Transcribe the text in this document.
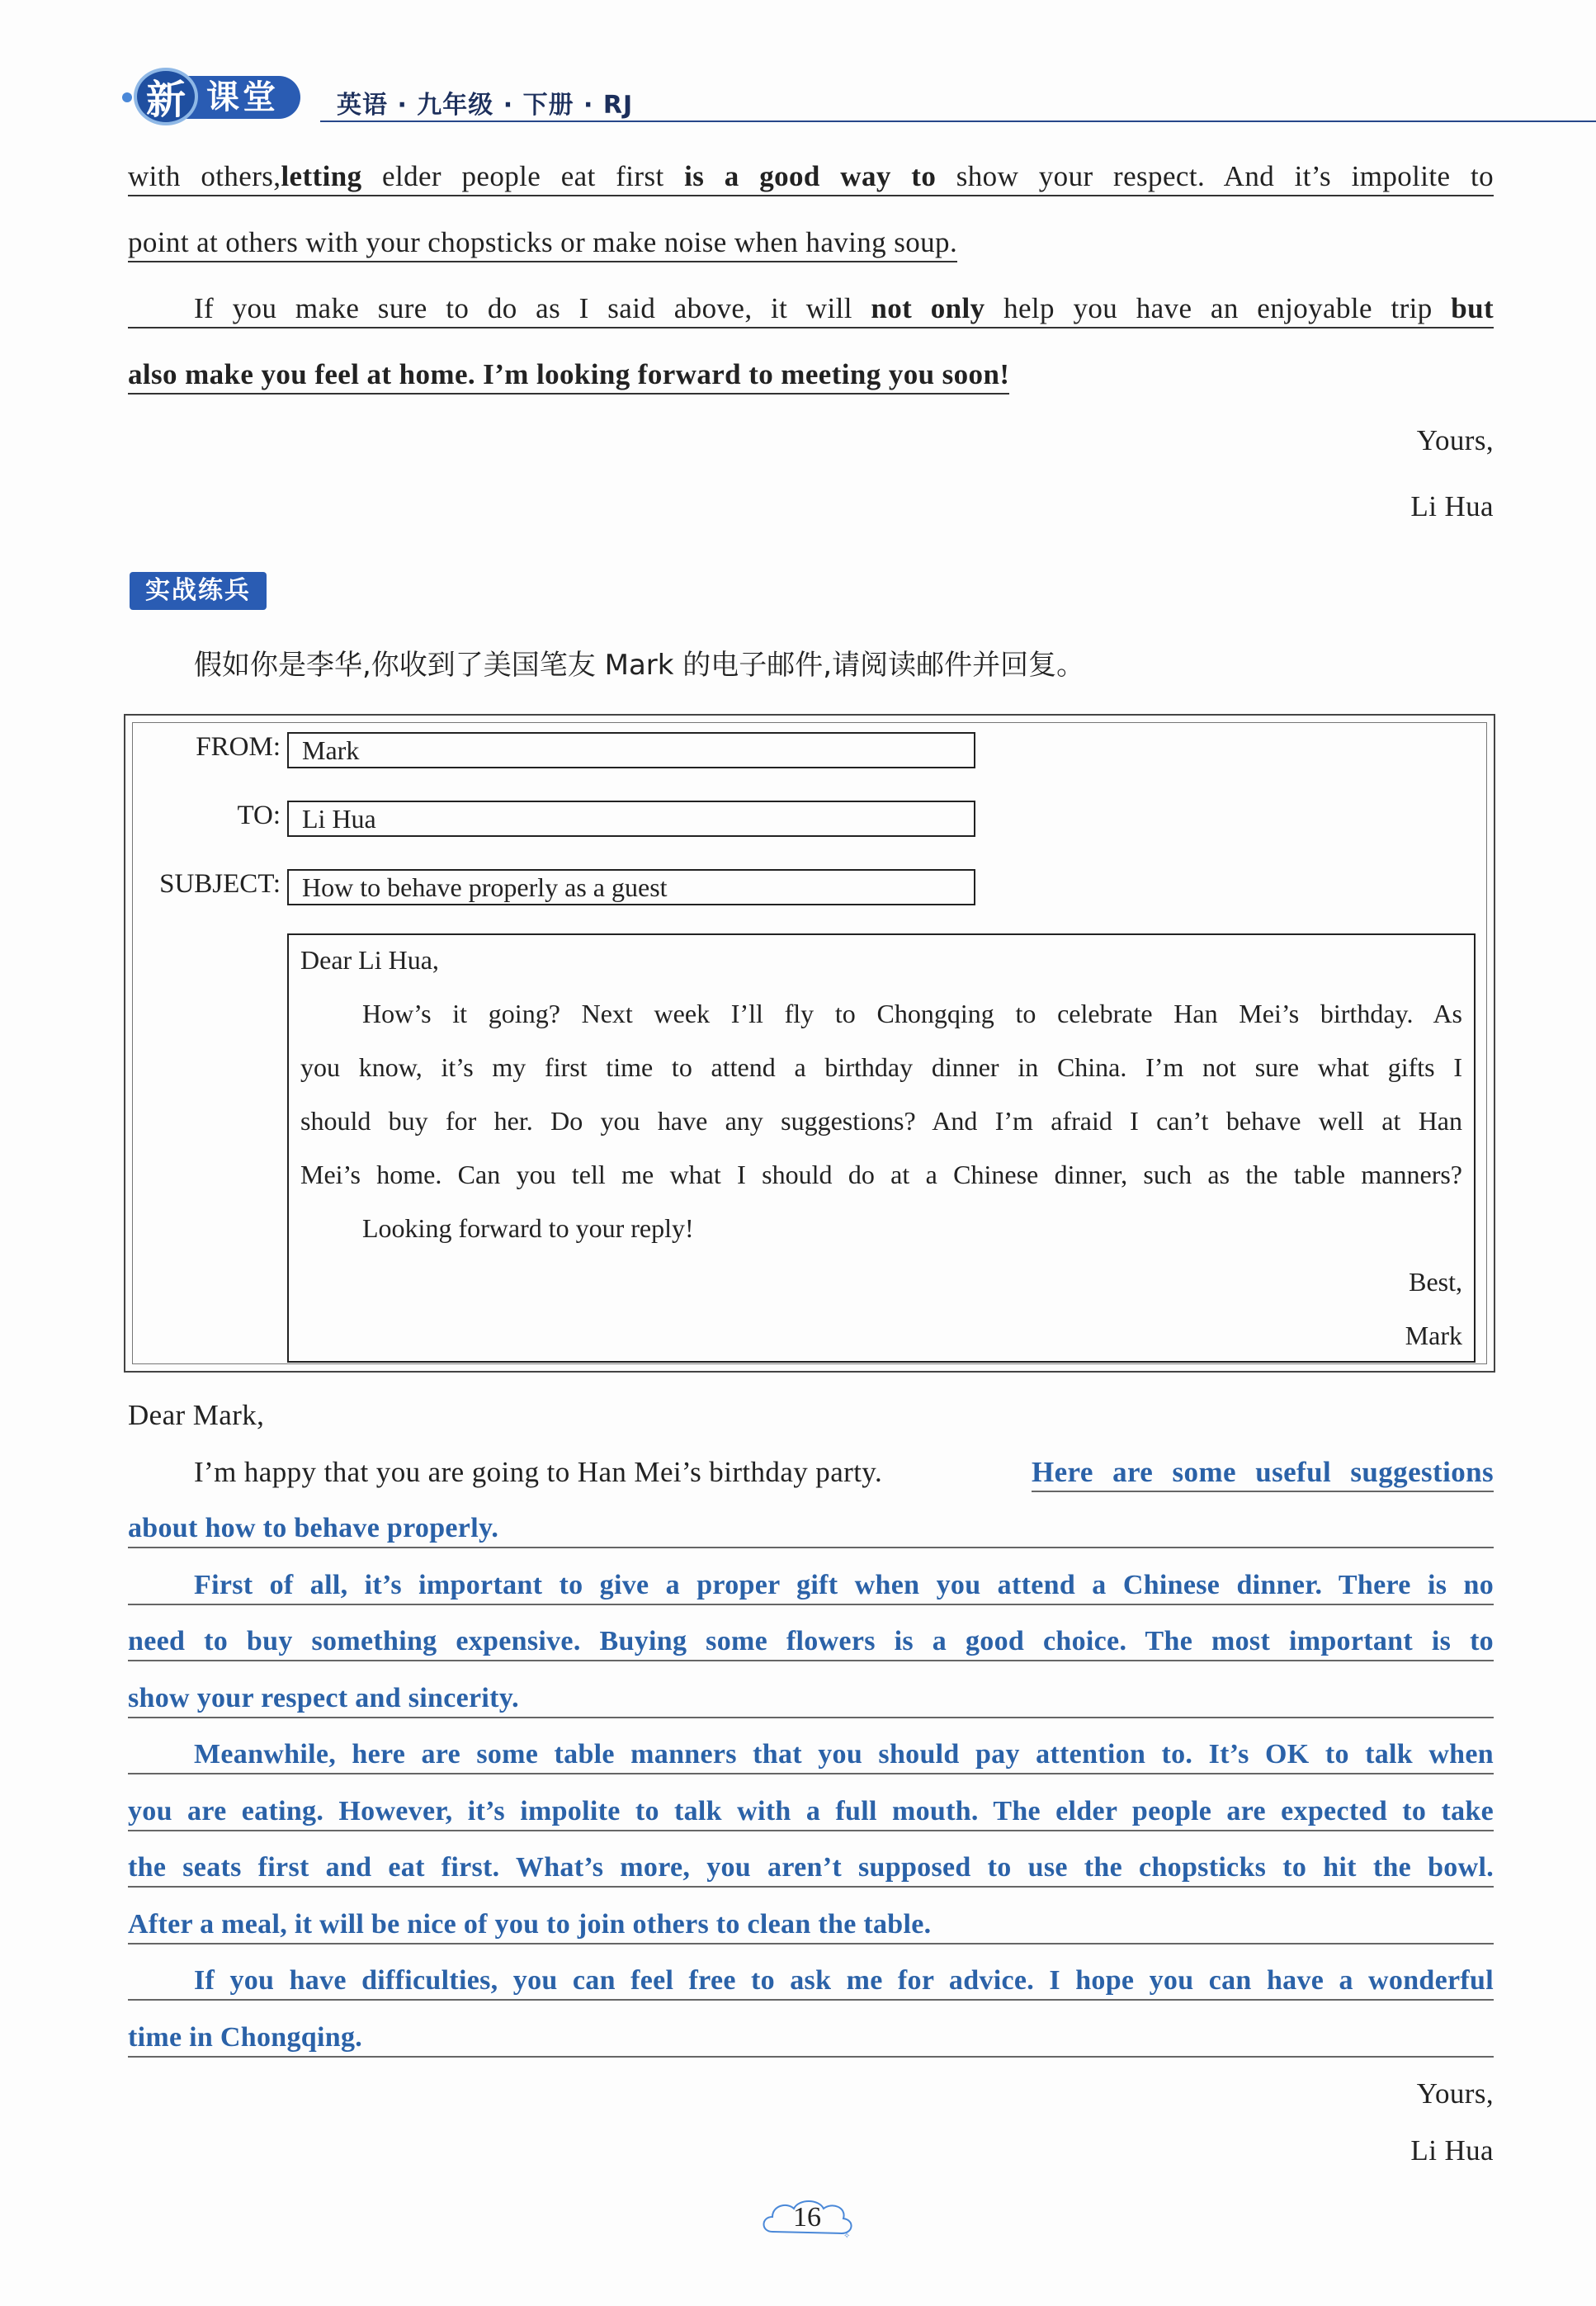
课堂
新	英语 · 九年级 · 下册 · RJ
with others,letting elder people eat first is a good way to show your respect. And it’s impolite to
point at others with your chopsticks or make noise when having soup.
If you make sure to do as I said above, it will not only help you have an enjoyable trip but
also make you feel at home. I’m looking forward to meeting you soon!
Yours,
Li Hua
实战练兵
假如你是李华,你收到了美国笔友 Mark 的电子邮件,请阅读邮件并回复。
FROM: Mark
TO: Li Hua
SUBJECT: How to behave properly as a guest
Dear Li Hua,
How’s it going? Next week I’ll fly to Chongqing to celebrate Han Mei’s birthday. As
you know, it’s my first time to attend a birthday dinner in China. I’m not sure what gifts I
should buy for her. Do you have any suggestions? And I’m afraid I can’t behave well at Han
Mei’s home. Can you tell me what I should do at a Chinese dinner, such as the table manners?
Looking forward to your reply!
Best,
Mark
Dear Mark,
I’m happy that you are going to Han Mei’s birthday party.	Here are some useful suggestions
about how to behave properly.
First of all, it’s important to give a proper gift when you attend a Chinese dinner. There is no
need to buy something expensive. Buying some flowers is a good choice. The most important is to
show your respect and sincerity.
Meanwhile, here are some table manners that you should pay attention to. It’s OK to talk when
you are eating. However, it’s impolite to talk with a full mouth. The elder people are expected to take
the seats first and eat first. What’s more, you aren’t supposed to use the chopsticks to hit the bowl.
After a meal, it will be nice of you to join others to clean the table.
If you have difficulties, you can feel free to ask me for advice. I hope you can have a wonderful
time in Chongqing.
Yours,
Li Hua
✧
16
